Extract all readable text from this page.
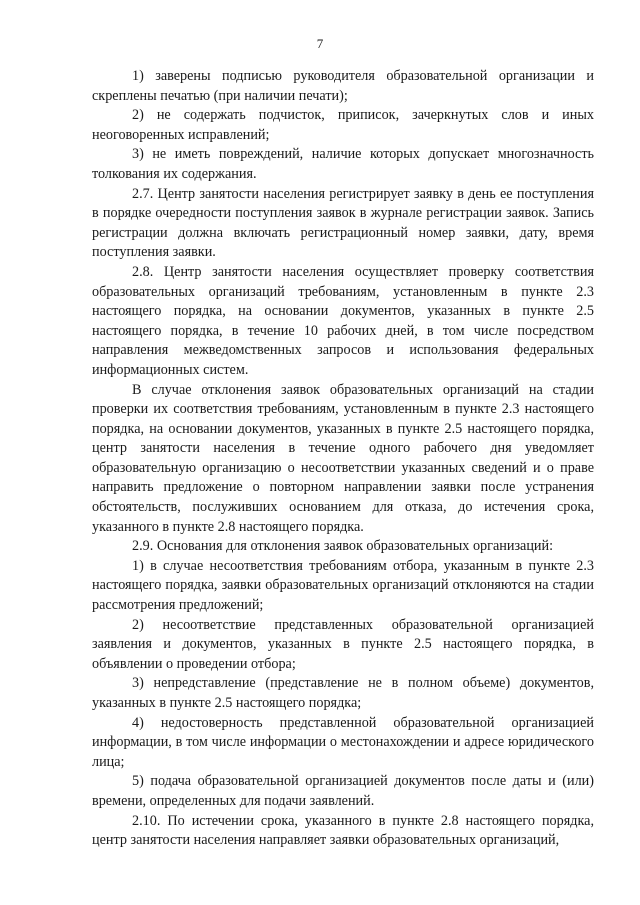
7

1) заверены подписью руководителя образовательной организации и скреплены печатью (при наличии печати);

2) не содержать подчисток, приписок, зачеркнутых слов и иных неоговоренных исправлений;

3) не иметь повреждений, наличие которых допускает многозначность толкования их содержания.

2.7. Центр занятости населения регистрирует заявку в день ее поступления в порядке очередности поступления заявок в журнале регистрации заявок. Запись регистрации должна включать регистрационный номер заявки, дату, время поступления заявки.

2.8. Центр занятости населения осуществляет проверку соответствия образовательных организаций требованиям, установленным в пункте 2.3 настоящего порядка, на основании документов, указанных в пункте 2.5 настоящего порядка, в течение 10 рабочих дней, в том числе посредством направления межведомственных запросов и использования федеральных информационных систем.

В случае отклонения заявок образовательных организаций на стадии проверки их соответствия требованиям, установленным в пункте 2.3 настоящего порядка, на основании документов, указанных в пункте 2.5 настоящего порядка, центр занятости населения в течение одного рабочего дня уведомляет образовательную организацию о несоответствии указанных сведений и о праве направить предложение о повторном направлении заявки после устранения обстоятельств, послуживших основанием для отказа, до истечения срока, указанного в пункте 2.8 настоящего порядка.

2.9. Основания для отклонения заявок образовательных организаций:

1) в случае несоответствия требованиям отбора, указанным в пункте 2.3 настоящего порядка, заявки образовательных организаций отклоняются на стадии рассмотрения предложений;

2) несоответствие представленных образовательной организацией заявления и документов, указанных в пункте 2.5 настоящего порядка, в объявлении о проведении отбора;

3) непредставление (представление не в полном объеме) документов, указанных в пункте 2.5 настоящего порядка;

4) недостоверность представленной образовательной организацией информации, в том числе информации о местонахождении и адресе юридического лица;

5) подача образовательной организацией документов после даты и (или) времени, определенных для подачи заявлений.

2.10. По истечении срока, указанного в пункте 2.8 настоящего порядка, центр занятости населения направляет заявки образовательных организаций,
